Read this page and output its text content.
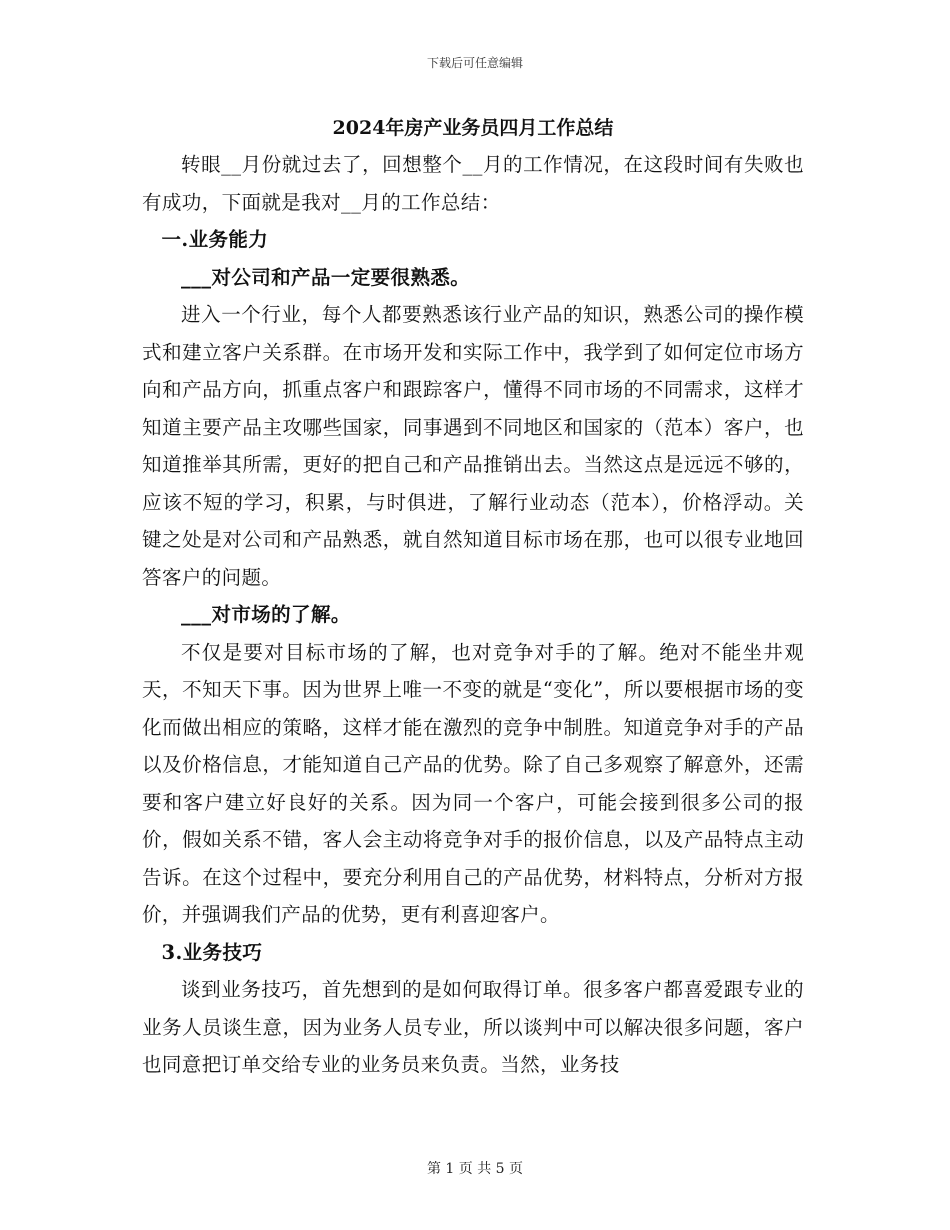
下载后可任意编辑
2024年房产业务员四月工作总结

转眼__月份就过去了，回想整个__月的工作情况，在这段时间有失败也有成功，下面就是我对__月的工作总结：

一.业务能力

___对公司和产品一定要很熟悉。

进入一个行业，每个人都要熟悉该行业产品的知识，熟悉公司的操作模式和建立客户关系群。在市场开发和实际工作中，我学到了如何定位市场方向和产品方向，抓重点客户和跟踪客户，懂得不同市场的不同需求，这样才知道主要产品主攻哪些国家，同事遇到不同地区和国家的（范本）客户，也知道推举其所需，更好的把自己和产品推销出去。当然这点是远远不够的，应该不短的学习，积累，与时俱进，了解行业动态（范本），价格浮动。关键之处是对公司和产品熟悉，就自然知道目标市场在那，也可以很专业地回答客户的问题。

___对市场的了解。

不仅是要对目标市场的了解，也对竞争对手的了解。绝对不能坐井观天，不知天下事。因为世界上唯一不变的就是“变化”，所以要根据市场的变化而做出相应的策略，这样才能在激烈的竞争中制胜。知道竞争对手的产品以及价格信息，才能知道自己产品的优势。除了自己多观察了解意外，还需要和客户建立好良好的关系。因为同一个客户，可能会接到很多公司的报价，假如关系不错，客人会主动将竞争对手的报价信息，以及产品特点主动告诉。在这个过程中，要充分利用自己的产品优势，材料特点，分析对方报价，并强调我们产品的优势，更有利喜迎客户。

3.业务技巧

谈到业务技巧，首先想到的是如何取得订单。很多客户都喜爱跟专业的业务人员谈生意，因为业务人员专业，所以谈判中可以解决很多问题，客户也同意把订单交给专业的业务员来负责。当然，业务技

第 1 页 共 5 页
